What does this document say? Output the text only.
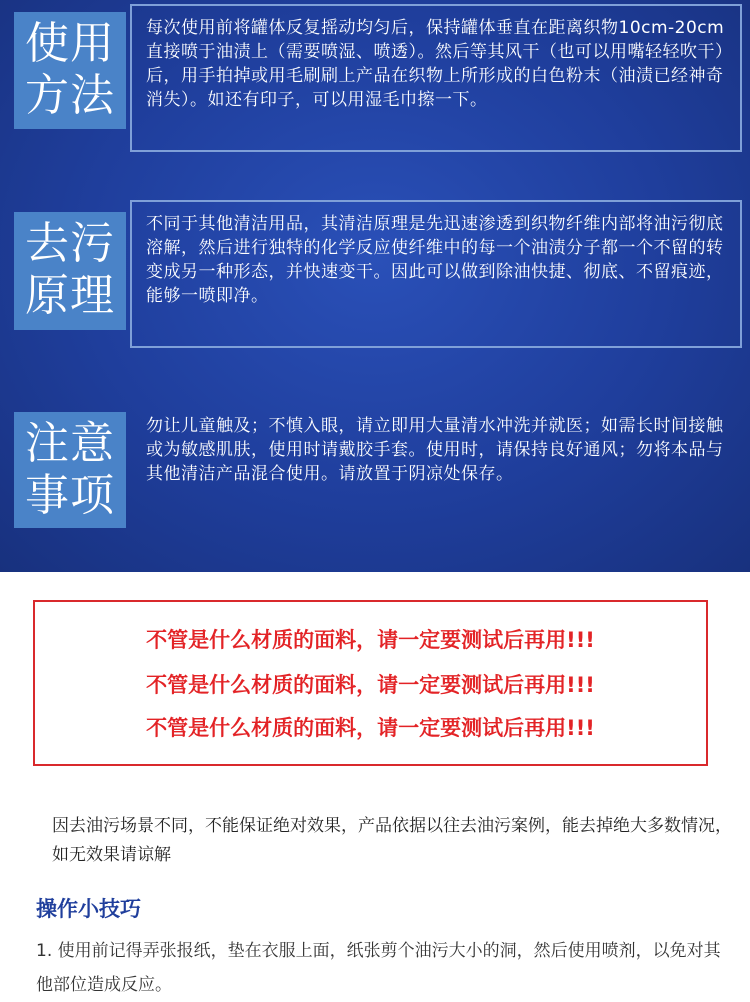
使用
方法
每次使用前将罐体反复摇动均匀后，保持罐体垂直在距离织物10cm-20cm直接喷于油渍上（需要喷湿、喷透）。然后等其风干（也可以用嘴轻轻吹干）后，用手拍掉或用毛刷刷上产品在织物上所形成的白色粉末（油渍已经神奇消失）。如还有印子，可以用湿毛巾擦一下。
去污
原理
不同于其他清洁用品，其清洁原理是先迅速渗透到织物纤维内部将油污彻底溶解，然后进行独特的化学反应使纤维中的每一个油渍分子都一个不留的转变成另一种形态，并快速变干。因此可以做到除油快捷、彻底、不留痕迹，能够一喷即净。
注意
事项
勿让儿童触及；不慎入眼，请立即用大量清水冲洗并就医；如需长时间接触或为敏感肌肤，使用时请戴胶手套。使用时，请保持良好通风；勿将本品与其他清洁产品混合使用。请放置于阴凉处保存。
不管是什么材质的面料，请一定要测试后再用!!!
不管是什么材质的面料，请一定要测试后再用!!!
不管是什么材质的面料，请一定要测试后再用!!!
因去油污场景不同，不能保证绝对效果，产品依据以往去油污案例，能去掉绝大多数情况，如无效果请谅解
操作小技巧
1. 使用前记得弄张报纸，垫在衣服上面，纸张剪个油污大小的洞，然后使用喷剂，以免对其他部位造成反应。
